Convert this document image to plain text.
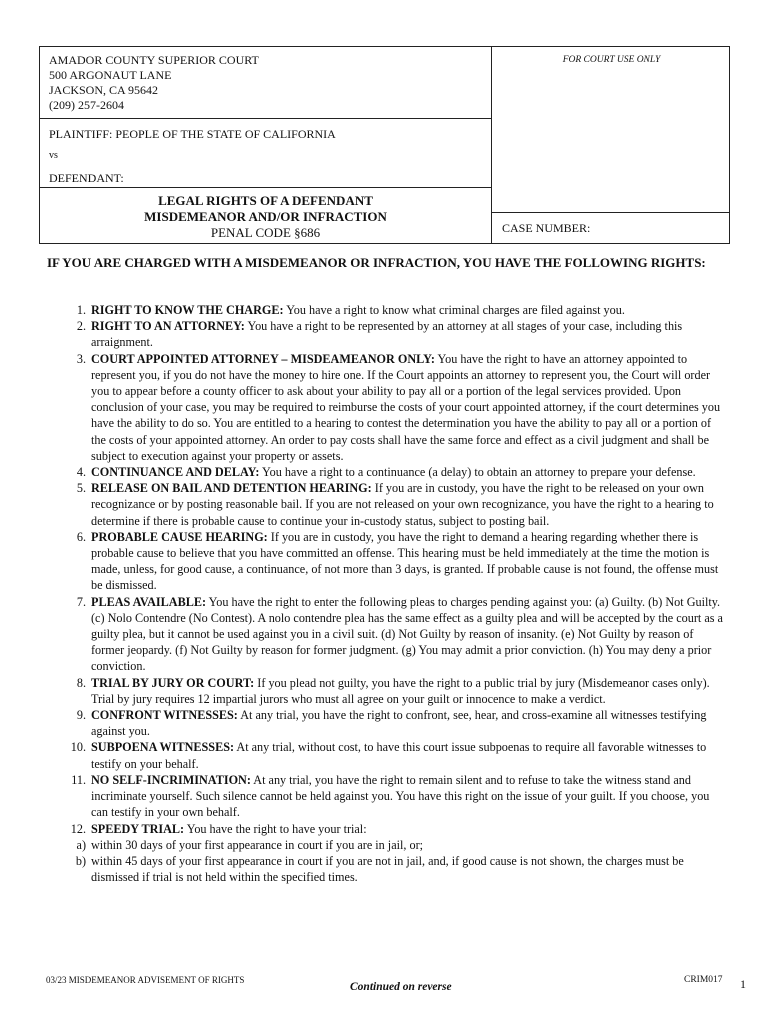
AMADOR COUNTY SUPERIOR COURT
500 ARGONAUT LANE
JACKSON, CA 95642
(209) 257-2604
FOR COURT USE ONLY
PLAINTIFF: PEOPLE OF THE STATE OF CALIFORNIA
vs
DEFENDANT:
LEGAL RIGHTS OF A DEFENDANT
MISDEMEANOR AND/OR INFRACTION
PENAL CODE §686	CASE NUMBER:
IF YOU ARE CHARGED WITH A MISDEMEANOR OR INFRACTION, YOU HAVE THE FOLLOWING RIGHTS:
1. RIGHT TO KNOW THE CHARGE: You have a right to know what criminal charges are filed against you.
2. RIGHT TO AN ATTORNEY: You have a right to be represented by an attorney at all stages of your case, including this arraignment.
3. COURT APPOINTED ATTORNEY – MISDEAMEANOR ONLY: You have the right to have an attorney appointed to represent you, if you do not have the money to hire one. If the Court appoints an attorney to represent you, the Court will order you to appear before a county officer to ask about your ability to pay all or a portion of the legal services provided. Upon conclusion of your case, you may be required to reimburse the costs of your court appointed attorney, if the court determines you have the ability to do so. You are entitled to a hearing to contest the determination you have the ability to pay all or a portion of the costs of your appointed attorney. An order to pay costs shall have the same force and effect as a civil judgment and shall be subject to execution against your property or assets.
4. CONTINUANCE AND DELAY: You have a right to a continuance (a delay) to obtain an attorney to prepare your defense.
5. RELEASE ON BAIL AND DETENTION HEARING: If you are in custody, you have the right to be released on your own recognizance or by posting reasonable bail. If you are not released on your own recognizance, you have the right to a hearing to determine if there is probable cause to continue your in-custody status, subject to posting bail.
6. PROBABLE CAUSE HEARING: If you are in custody, you have the right to demand a hearing regarding whether there is probable cause to believe that you have committed an offense. This hearing must be held immediately at the time the motion is made, unless, for good cause, a continuance, of not more than 3 days, is granted. If probable cause is not found, the offense must be dismissed.
7. PLEAS AVAILABLE: You have the right to enter the following pleas to charges pending against you: (a) Guilty. (b) Not Guilty. (c) Nolo Contendre (No Contest). A nolo contendre plea has the same effect as a guilty plea and will be accepted by the court as a guilty plea, but it cannot be used against you in a civil suit. (d) Not Guilty by reason of insanity. (e) Not Guilty by reason of former jeopardy. (f) Not Guilty by reason for former judgment. (g) You may admit a prior conviction. (h) You may deny a prior conviction.
8. TRIAL BY JURY OR COURT: If you plead not guilty, you have the right to a public trial by jury (Misdemeanor cases only). Trial by jury requires 12 impartial jurors who must all agree on your guilt or innocence to make a verdict.
9. CONFRONT WITNESSES: At any trial, you have the right to confront, see, hear, and cross-examine all witnesses testifying against you.
10. SUBPOENA WITNESSES: At any trial, without cost, to have this court issue subpoenas to require all favorable witnesses to testify on your behalf.
11. NO SELF-INCRIMINATION: At any trial, you have the right to remain silent and to refuse to take the witness stand and incriminate yourself. Such silence cannot be held against you. You have this right on the issue of your guilt. If you choose, you can testify in your own behalf.
12. SPEEDY TRIAL: You have the right to have your trial:
a) within 30 days of your first appearance in court if you are in jail, or;
b) within 45 days of your first appearance in court if you are not in jail, and, if good cause is not shown, the charges must be dismissed if trial is not held within the specified times.
03/23 MISDEMEANOR ADVISEMENT OF RIGHTS
Continued on reverse
CRIM017 1
